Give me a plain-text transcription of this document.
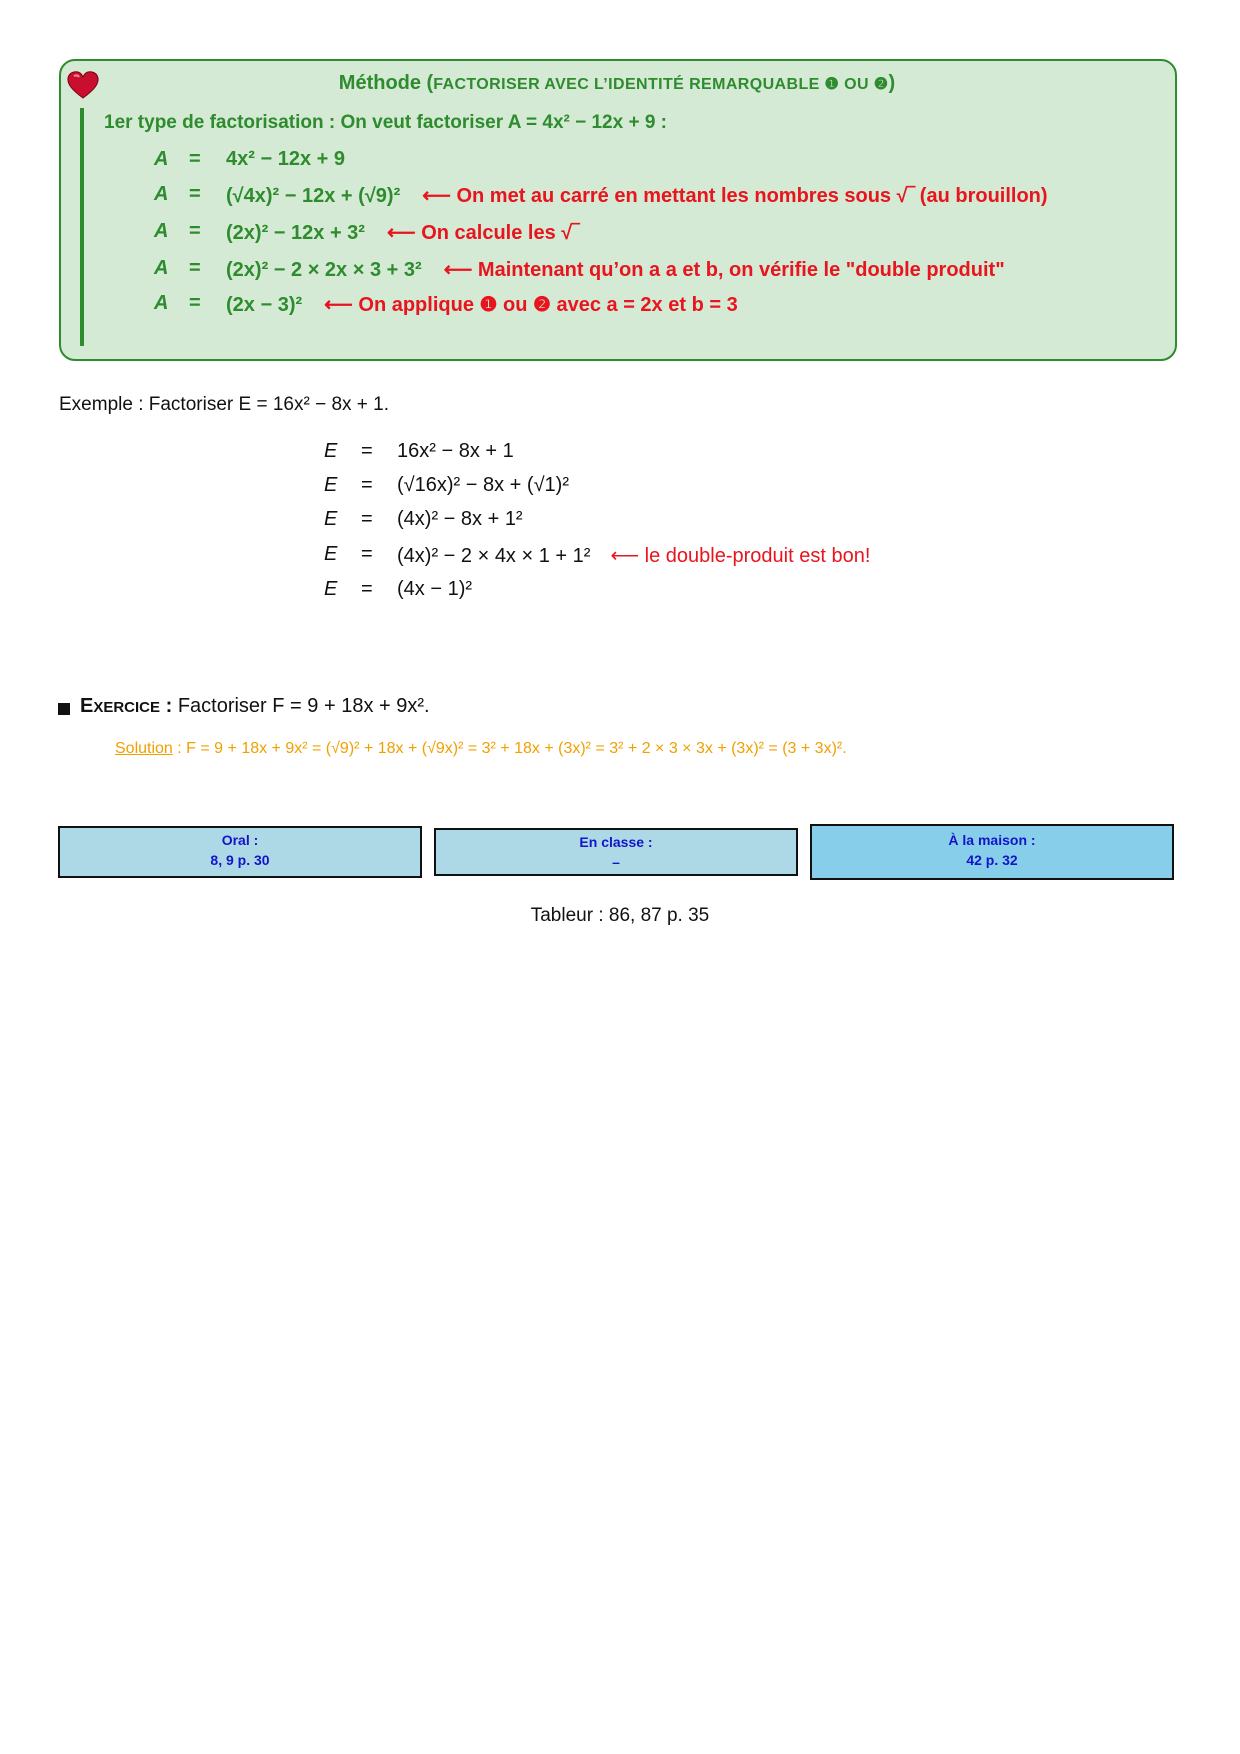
Méthode (FACTORISER AVEC L’IDENTITÉ REMARQUABLE ❶ OU ❷)
1er type de factorisation : On veut factoriser A = 4x² − 12x + 9 :
A = 4x² − 12x + 9
A = (√4x)² − 12x + (√9)² ⟵ On met au carré en mettant les nombres sous √‾ (au brouillon)
A = (2x)² − 12x + 3² ⟵ On calcule les √‾
A = (2x)² − 2 × 2x × 3 + 3² ⟵ Maintenant qu’on a a et b, on vérifie le "double produit"
A = (2x − 3)² ⟵ On applique ❶ ou ❷ avec a = 2x et b = 3
Exemple : Factoriser E = 16x² − 8x + 1.
E = 16x² − 8x + 1
E = (√16x)² − 8x + (√1)²
E = (4x)² − 8x + 1²
E = (4x)² − 2 × 4x × 1 + 1² ⟵ le double-produit est bon!
E = (4x − 1)²
EXERCICE : Factoriser F = 9 + 18x + 9x².
Solution : F = 9 + 18x + 9x² = (√9)² + 18x + (√9x)² = 3² + 18x + (3x)² = 3² + 2 × 3 × 3x + (3x)² = (3 + 3x)².
Oral :
8, 9 p. 30
En classe :
–
À la maison :
42 p. 32
Tableur : 86, 87 p. 35
